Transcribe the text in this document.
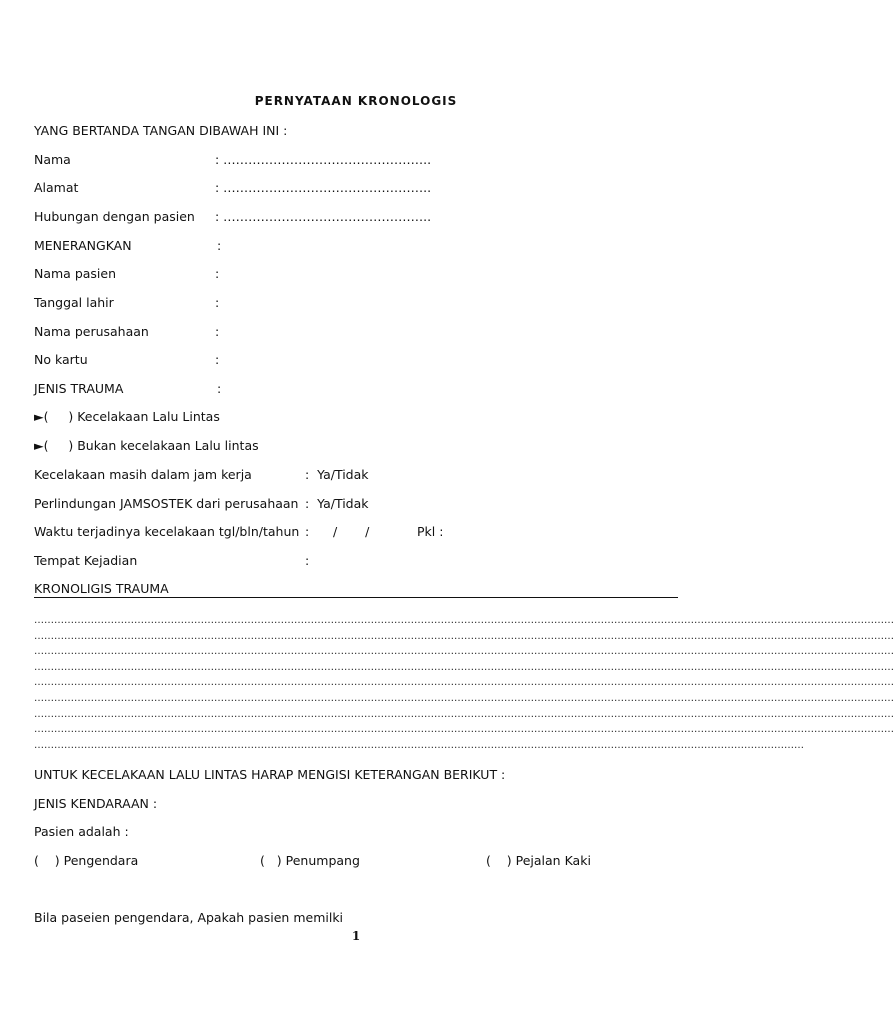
PERNYATAAN KRONOLOGIS
YANG BERTANDA TANGAN DIBAWAH INI :
Nama	: …………………………………………..
Alamat	: …………………………………………..
Hubungan dengan pasien : …………………………………………..
MENERANGKAN	:
Nama pasien	:
Tanggal lahir	:
Nama perusahaan	:
No kartu	:
JENIS TRAUMA	:
►(     ) Kecelakaan Lalu Lintas
►(     ) Bukan kecelakaan Lalu lintas
Kecelakaan masih dalam jam kerja	:  Ya/Tidak
Perlindungan JAMSOSTEK dari perusahaan :  Ya/Tidak
Waktu terjadinya kecelakaan tgl/bln/tahun :      /       /            Pkl :
Tempat Kejadian	:
KRONOLIGIS TRAUMA
……………………………………………………………………………………………………………………………………………………………………………………………………………………………………
……………………………………………………………………………………………………………………………………………………………………………………………………………………………………
……………………………………………………………………………………………………………………………………………………………………………………………………………………………………
……………………………………………………………………………………………………………………………………………………………………………………………………………………………………
……………………………………………………………………………………………………………………………………………………………………………………………………………………………………
……………………………………………………………………………………………………………………………………………………………………………………………………………………………………
……………………………………………………………………………………………………………………………………………………………………………………………………………………………………
……………………………………………………………………………………………………………………………………………………………………………………………………………………………………
……………………………………………………………………………………………………………………………………………………………………………………………………………
UNTUK KECELAKAAN LALU LINTAS HARAP MENGISI KETERANGAN BERIKUT :
JENIS KENDARAAN :
Pasien adalah :
(    ) Pengendara	(   ) Penumpang	(    ) Pejalan Kaki
Bila paseien pengendara, Apakah pasien memilki
1
